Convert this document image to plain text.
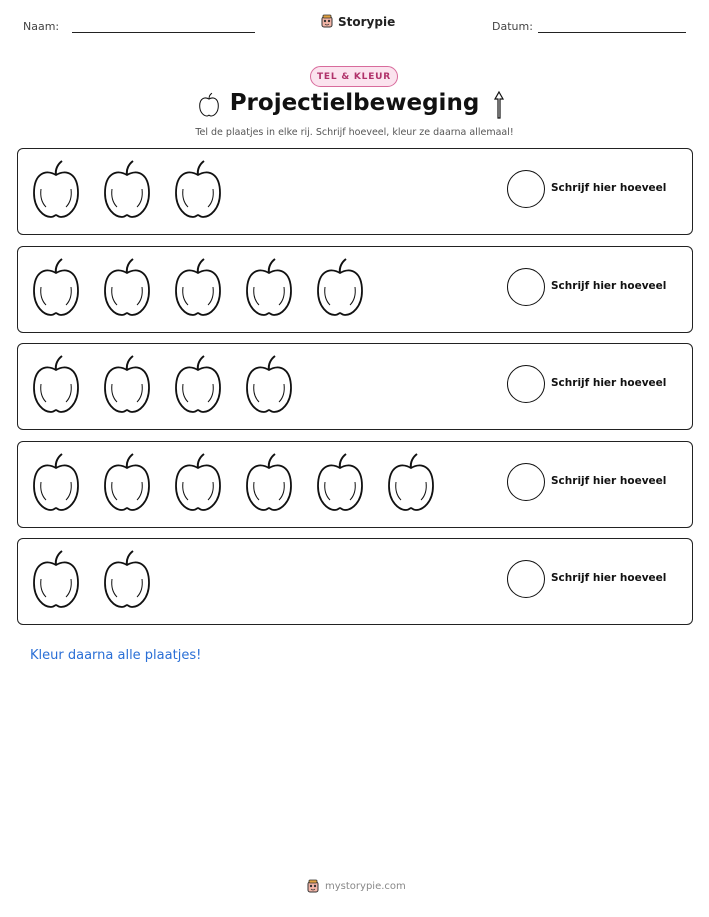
Naam:	Storypie	Datum:
TEL & KLEUR
Projectielbeweging
Tel de plaatjes in elke rij. Schrijf hoeveel, kleur ze daarna allemaal!
Schrijf hier hoeveel
Schrijf hier hoeveel
Schrijf hier hoeveel
Schrijf hier hoeveel
Schrijf hier hoeveel
Kleur daarna alle plaatjes!
mystorypie.com
